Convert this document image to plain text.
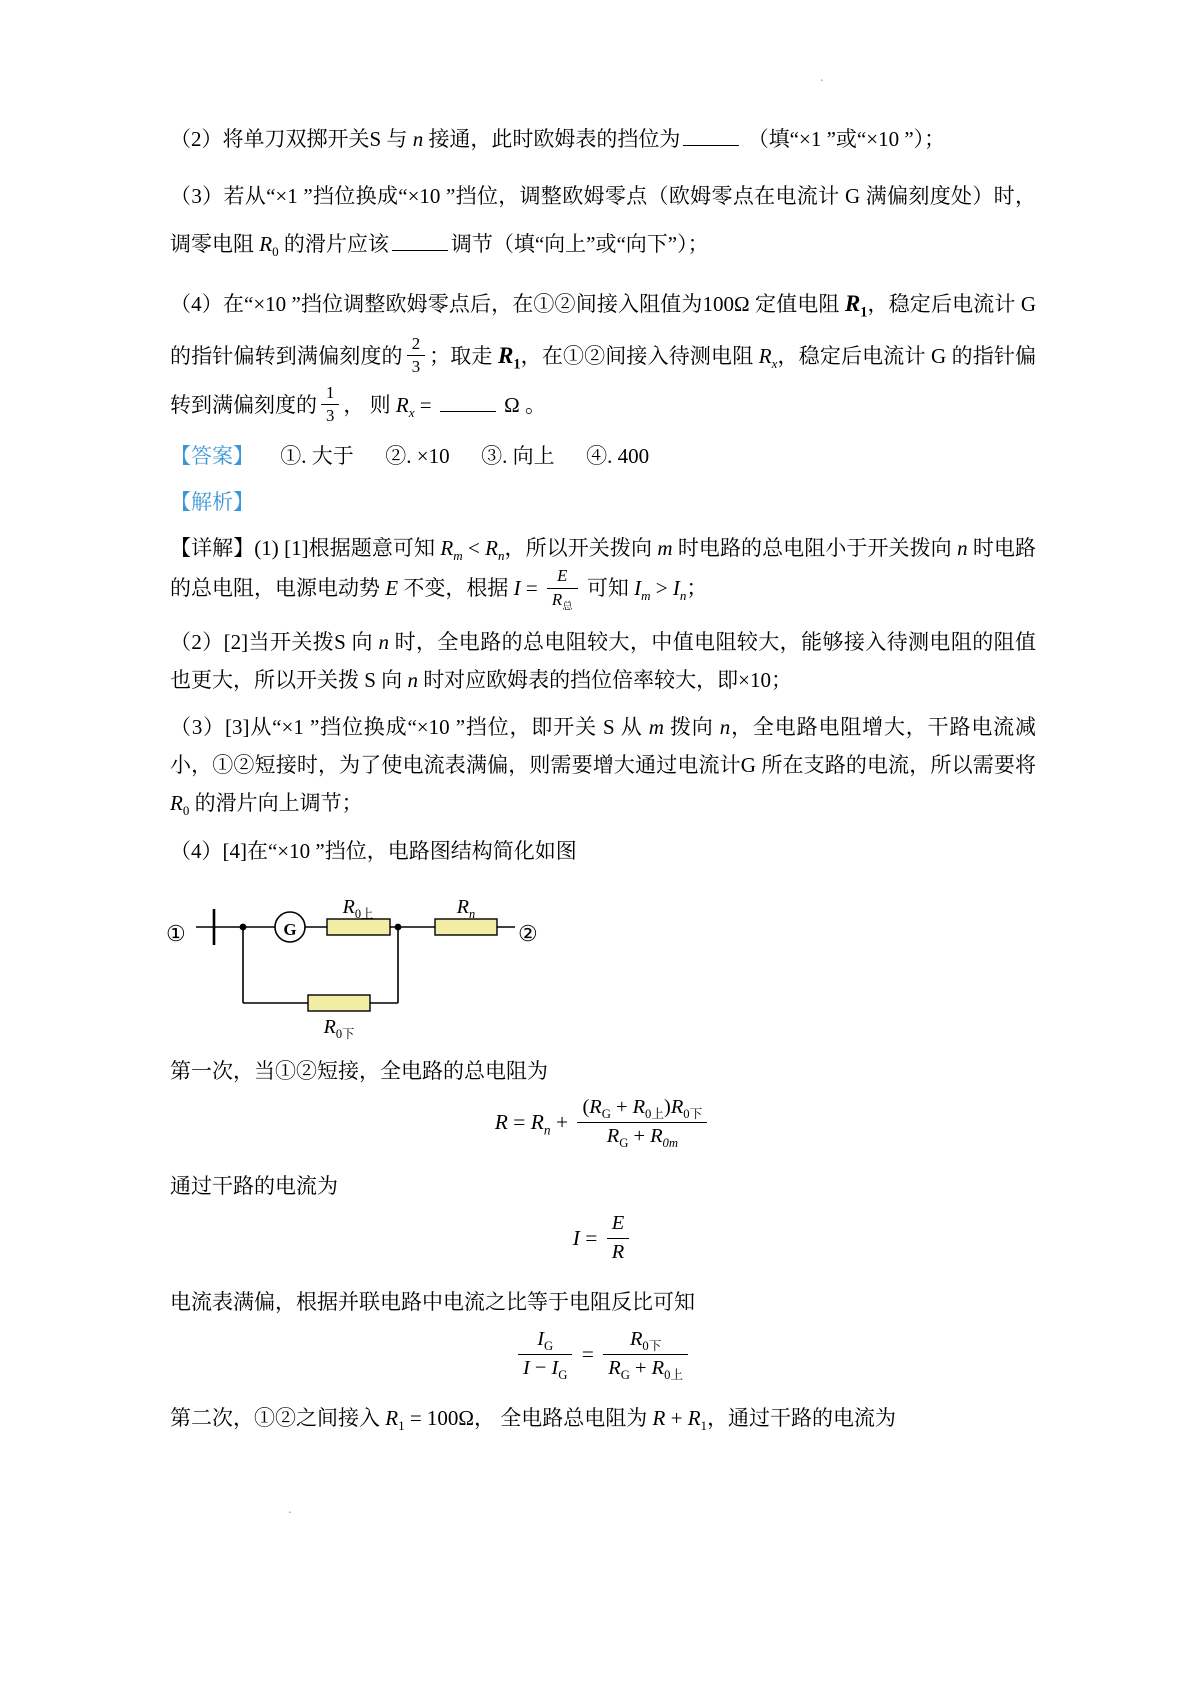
.
.

（2）将单刀双掷开关S 与 n 接通，此时欧姆表的挡位为	（填“×1 ”或“×10 ”）；

（3）若从“×1 ”挡位换成“×10 ”挡位，调整欧姆零点（欧姆零点在电流计 G 满偏刻度处）时，调零电阻 $R_0$ 的滑片应该	调节（填“向上”或“向下”）；

（4）在“×10 ”挡位调整欧姆零点后，在①②间接入阻值为100Ω 定值电阻 $R_1$，稳定后电流计 G 的指针偏转到满偏刻度的 $\frac{2}{3}$ ；取走 $R_1$，在①②间接入待测电阻 $R_x$，稳定后电流计 G 的指针偏转到满偏刻度的 $\frac{1}{3}$ ， 则 $R_x$ =	Ω 。

【答案】     ①. 大于      ②. ×10      ③. 向上      ④. 400

【解析】

【详解】(1) [1]根据题意可知 $R_m < R_n$，所以开关拨向 m 时电路的总电阻小于开关拨向 n 时电路的总电阻，电源电动势 E 不变，根据 $I = \frac{E}{R_总}$ 可知 $I_m > I_n$；

（2）[2]当开关拨S 向 n 时，全电路的总电阻较大，中值电阻较大，能够接入待测电阻的阻值也更大，所以开关拨 S 向 n 时对应欧姆表的挡位倍率较大，即×10；

（3）[3]从“×1 ”挡位换成“×10 ”挡位，即开关 S 从 m 拨向 n，全电路电阻增大，干路电流减小，①②短接时，为了使电流表满偏，则需要增大通过电流计G 所在支路的电流，所以需要将 $R_0$ 的滑片向上调节；

（4）[4]在“×10 ”挡位，电路图结构简化如图

①	②
G
$R_{0上}$	$R_n$
$R_{0下}$

第一次，当①②短接，全电路的总电阻为

$R = R_n + \frac{(R_G + R_{0上})R_{0下}}{R_G + R_{0m}}$

通过干路的电流为

$I = \frac{E}{R}$

电流表满偏，根据并联电路中电流之比等于电阻反比可知

$\frac{I_G}{I - I_G} = \frac{R_{0下}}{R_G + R_{0上}}$

第二次，①②之间接入 $R_1 = 100\Omega$， 全电路总电阻为 $R + R_1$，通过干路的电流为
